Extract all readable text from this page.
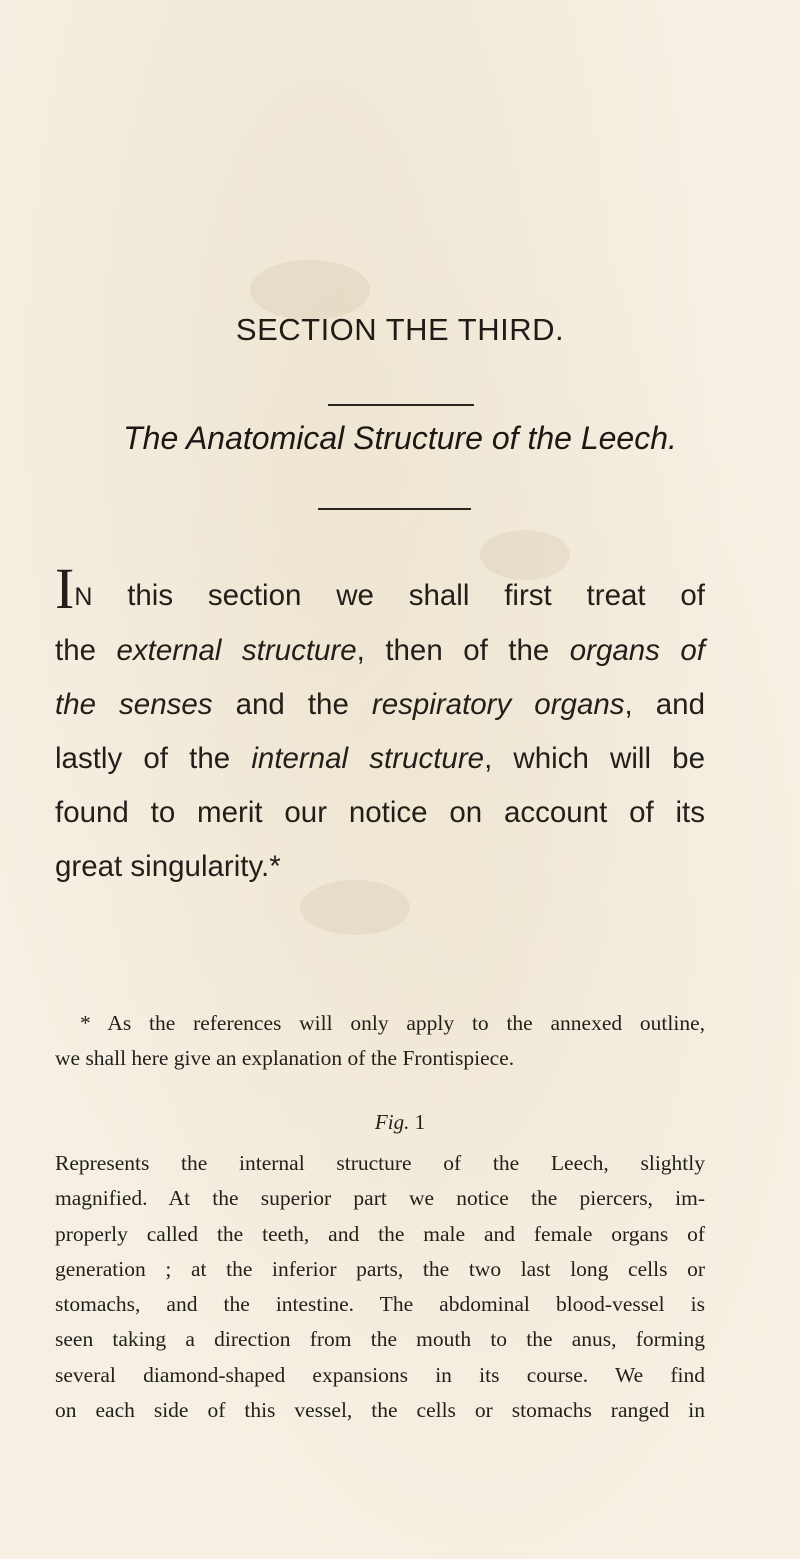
SECTION THE THIRD.
The Anatomical Structure of the Leech.
IN this section we shall first treat of
the external structure, then of the organs of
the senses and the respiratory organs, and
lastly of the internal structure, which will be
found to merit our notice on account of its
great singularity.*
* As the references will only apply to the annexed outline,
we shall here give an explanation of the Frontispiece.
Fig. 1
Represents the internal structure of the Leech, slightly
magnified. At the superior part we notice the piercers, im-
properly called the teeth, and the male and female organs of
generation ; at the inferior parts, the two last long cells or
stomachs, and the intestine. The abdominal blood-vessel is
seen taking a direction from the mouth to the anus, forming
several diamond-shaped expansions in its course. We find
on each side of this vessel, the cells or stomachs ranged in
